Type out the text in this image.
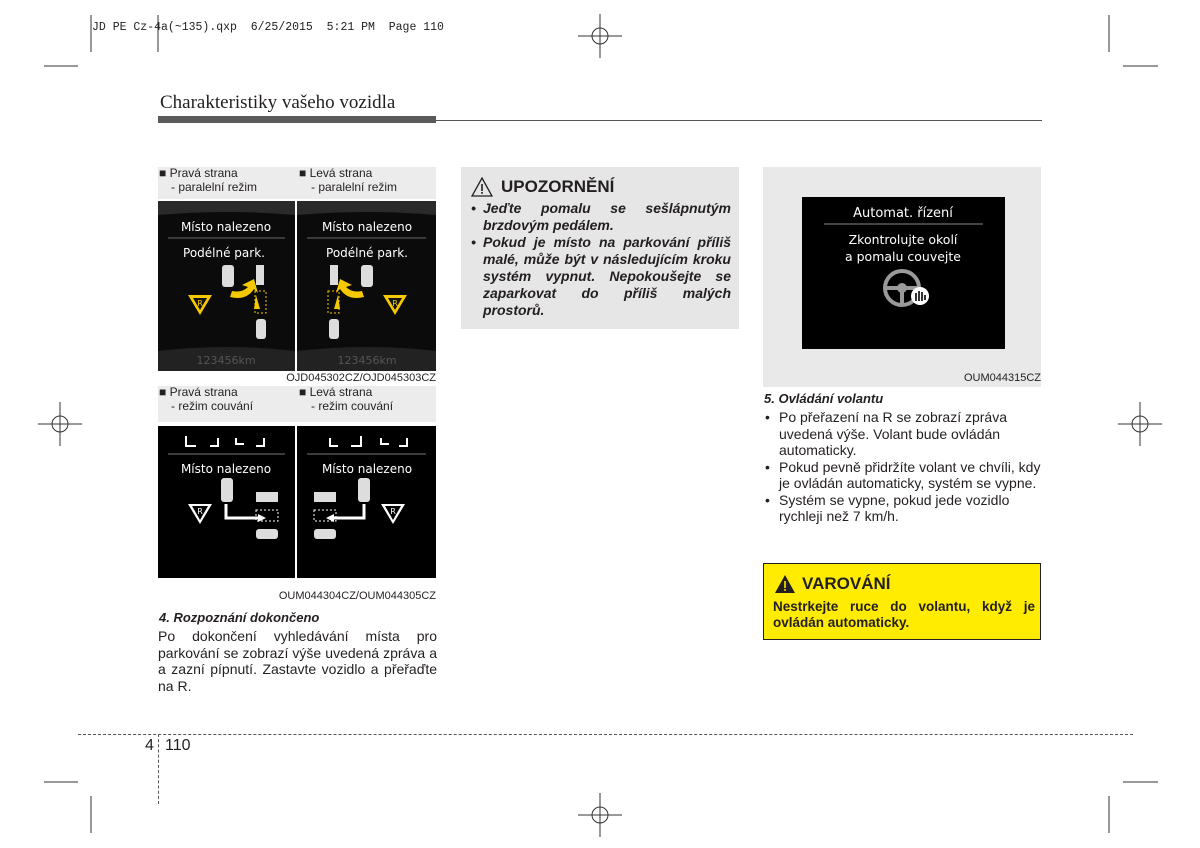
JD PE Cz-4a(~135).qxp  6/25/2015  5:21 PM  Page 110
Charakteristiky vašeho vozidla
■ Pravá strana
- paralelní režim
■ Levá strana
- paralelní režim
Místo nalezeno
Podélné park.
R
123456km
Místo nalezeno
Podélné park.
R
123456km
OJD045302CZ/OJD045303CZ
■ Pravá strana
- režim couvání
■ Levá strana
- režim couvání
Místo nalezeno
R
Místo nalezeno
R
OUM044304CZ/OUM044305CZ
4. Rozpoznání dokončeno
Po dokončení vyhledávání místa pro parkování se zobrazí výše uvedená zpráva a a zazní pípnutí. Zastavte vozidlo a přeřaďte na R.
UPOZORNĚNÍ
• Jeďte pomalu se sešlápnutým brzdovým pedálem.
• Pokud je místo na parkování příliš malé, může být v následujícím kroku systém vypnut. Nepokoušejte se zaparkovat do příliš malých prostorů.
Automat. řízení
Zkontrolujte okolí
a pomalu couvejte
OUM044315CZ
5. Ovládání volantu
• Po přeřazení na R se zobrazí zpráva uvedená výše. Volant bude ovládán automaticky.
• Pokud pevně přidržíte volant ve chvíli, kdy je ovládán automaticky, systém se vypne.
• Systém se vypne, pokud jede vozidlo rychleji než 7 km/h.
VAROVÁNÍ
Nestrkejte ruce do volantu, když je ovládán automaticky.
4 110
